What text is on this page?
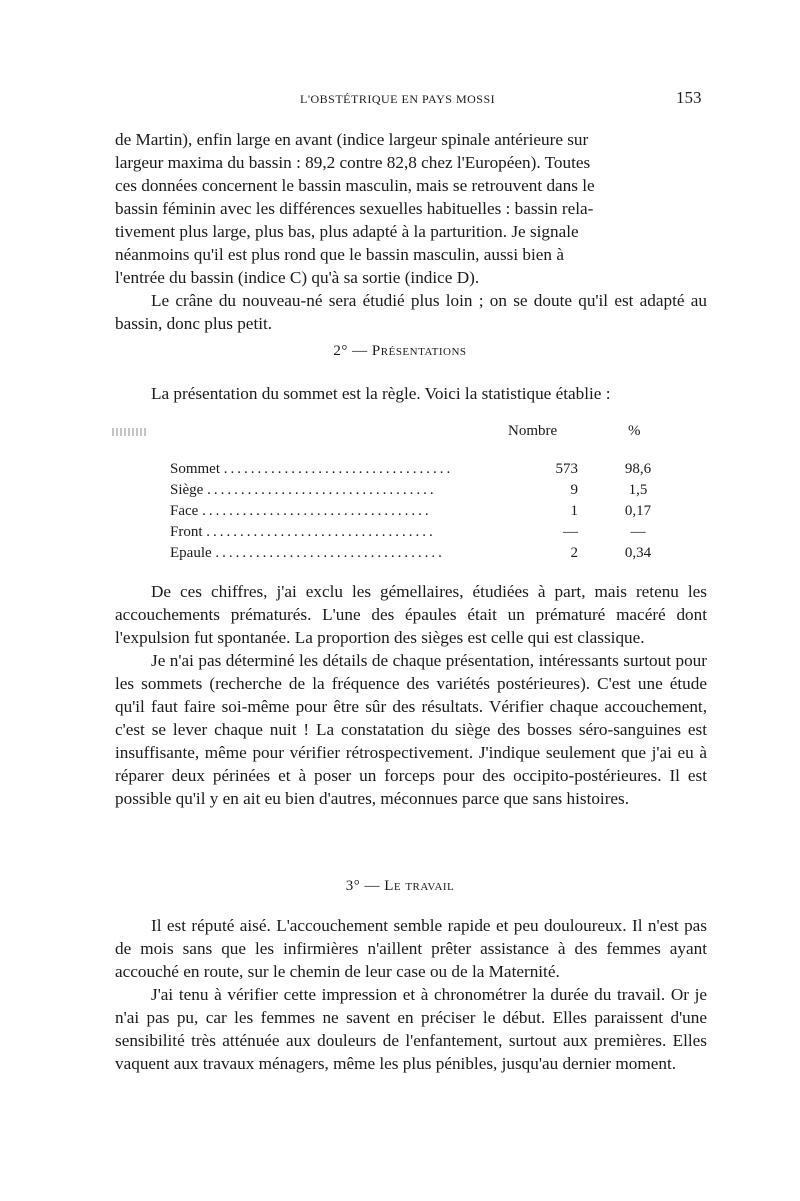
L'OBSTÉTRIQUE EN PAYS MOSSI	153

de Martin), enfin large en avant (indice largeur spinale antérieure sur

largeur maxima du bassin : 89,2 contre 82,8 chez l'Européen). Toutes

ces données concernent le bassin masculin, mais se retrouvent dans le

bassin féminin avec les différences sexuelles habituelles : bassin rela-

tivement plus large, plus bas, plus adapté à la parturition. Je signale

néanmoins qu'il est plus rond que le bassin masculin, aussi bien à

l'entrée du bassin (indice C) qu'à sa sortie (indice D).

Le crâne du nouveau-né sera étudié plus loin ; on se doute qu'il est adapté au bassin, donc plus petit.

2° — Présentations

La présentation du sommet est la règle. Voici la statistique établie :

Nombre	%
Sommet ..................................	573	98,6
Siège ..................................	9	1,5
Face ..................................	1	0,17
Front ..................................	—	—
Epaule ..................................	2	0,34

De ces chiffres, j'ai exclu les gémellaires, étudiées à part, mais retenu les accouchements prématurés. L'une des épaules était un prématuré macéré dont l'expulsion fut spontanée. La proportion des sièges est celle qui est classique.

Je n'ai pas déterminé les détails de chaque présentation, intéressants surtout pour les sommets (recherche de la fréquence des variétés postérieures). C'est une étude qu'il faut faire soi-même pour être sûr des résultats. Vérifier chaque accouchement, c'est se lever chaque nuit ! La constatation du siège des bosses séro-sanguines est insuffisante, même pour vérifier rétrospectivement. J'indique seulement que j'ai eu à réparer deux périnées et à poser un forceps pour des occipito-postérieures. Il est possible qu'il y en ait eu bien d'autres, méconnues parce que sans histoires.

3° — Le travail

Il est réputé aisé. L'accouchement semble rapide et peu douloureux. Il n'est pas de mois sans que les infirmières n'aillent prêter assistance à des femmes ayant accouché en route, sur le chemin de leur case ou de la Maternité.

J'ai tenu à vérifier cette impression et à chronométrer la durée du travail. Or je n'ai pas pu, car les femmes ne savent en préciser le début. Elles paraissent d'une sensibilité très atténuée aux douleurs de l'enfantement, surtout aux premières. Elles vaquent aux travaux ménagers, même les plus pénibles, jusqu'au dernier moment.
